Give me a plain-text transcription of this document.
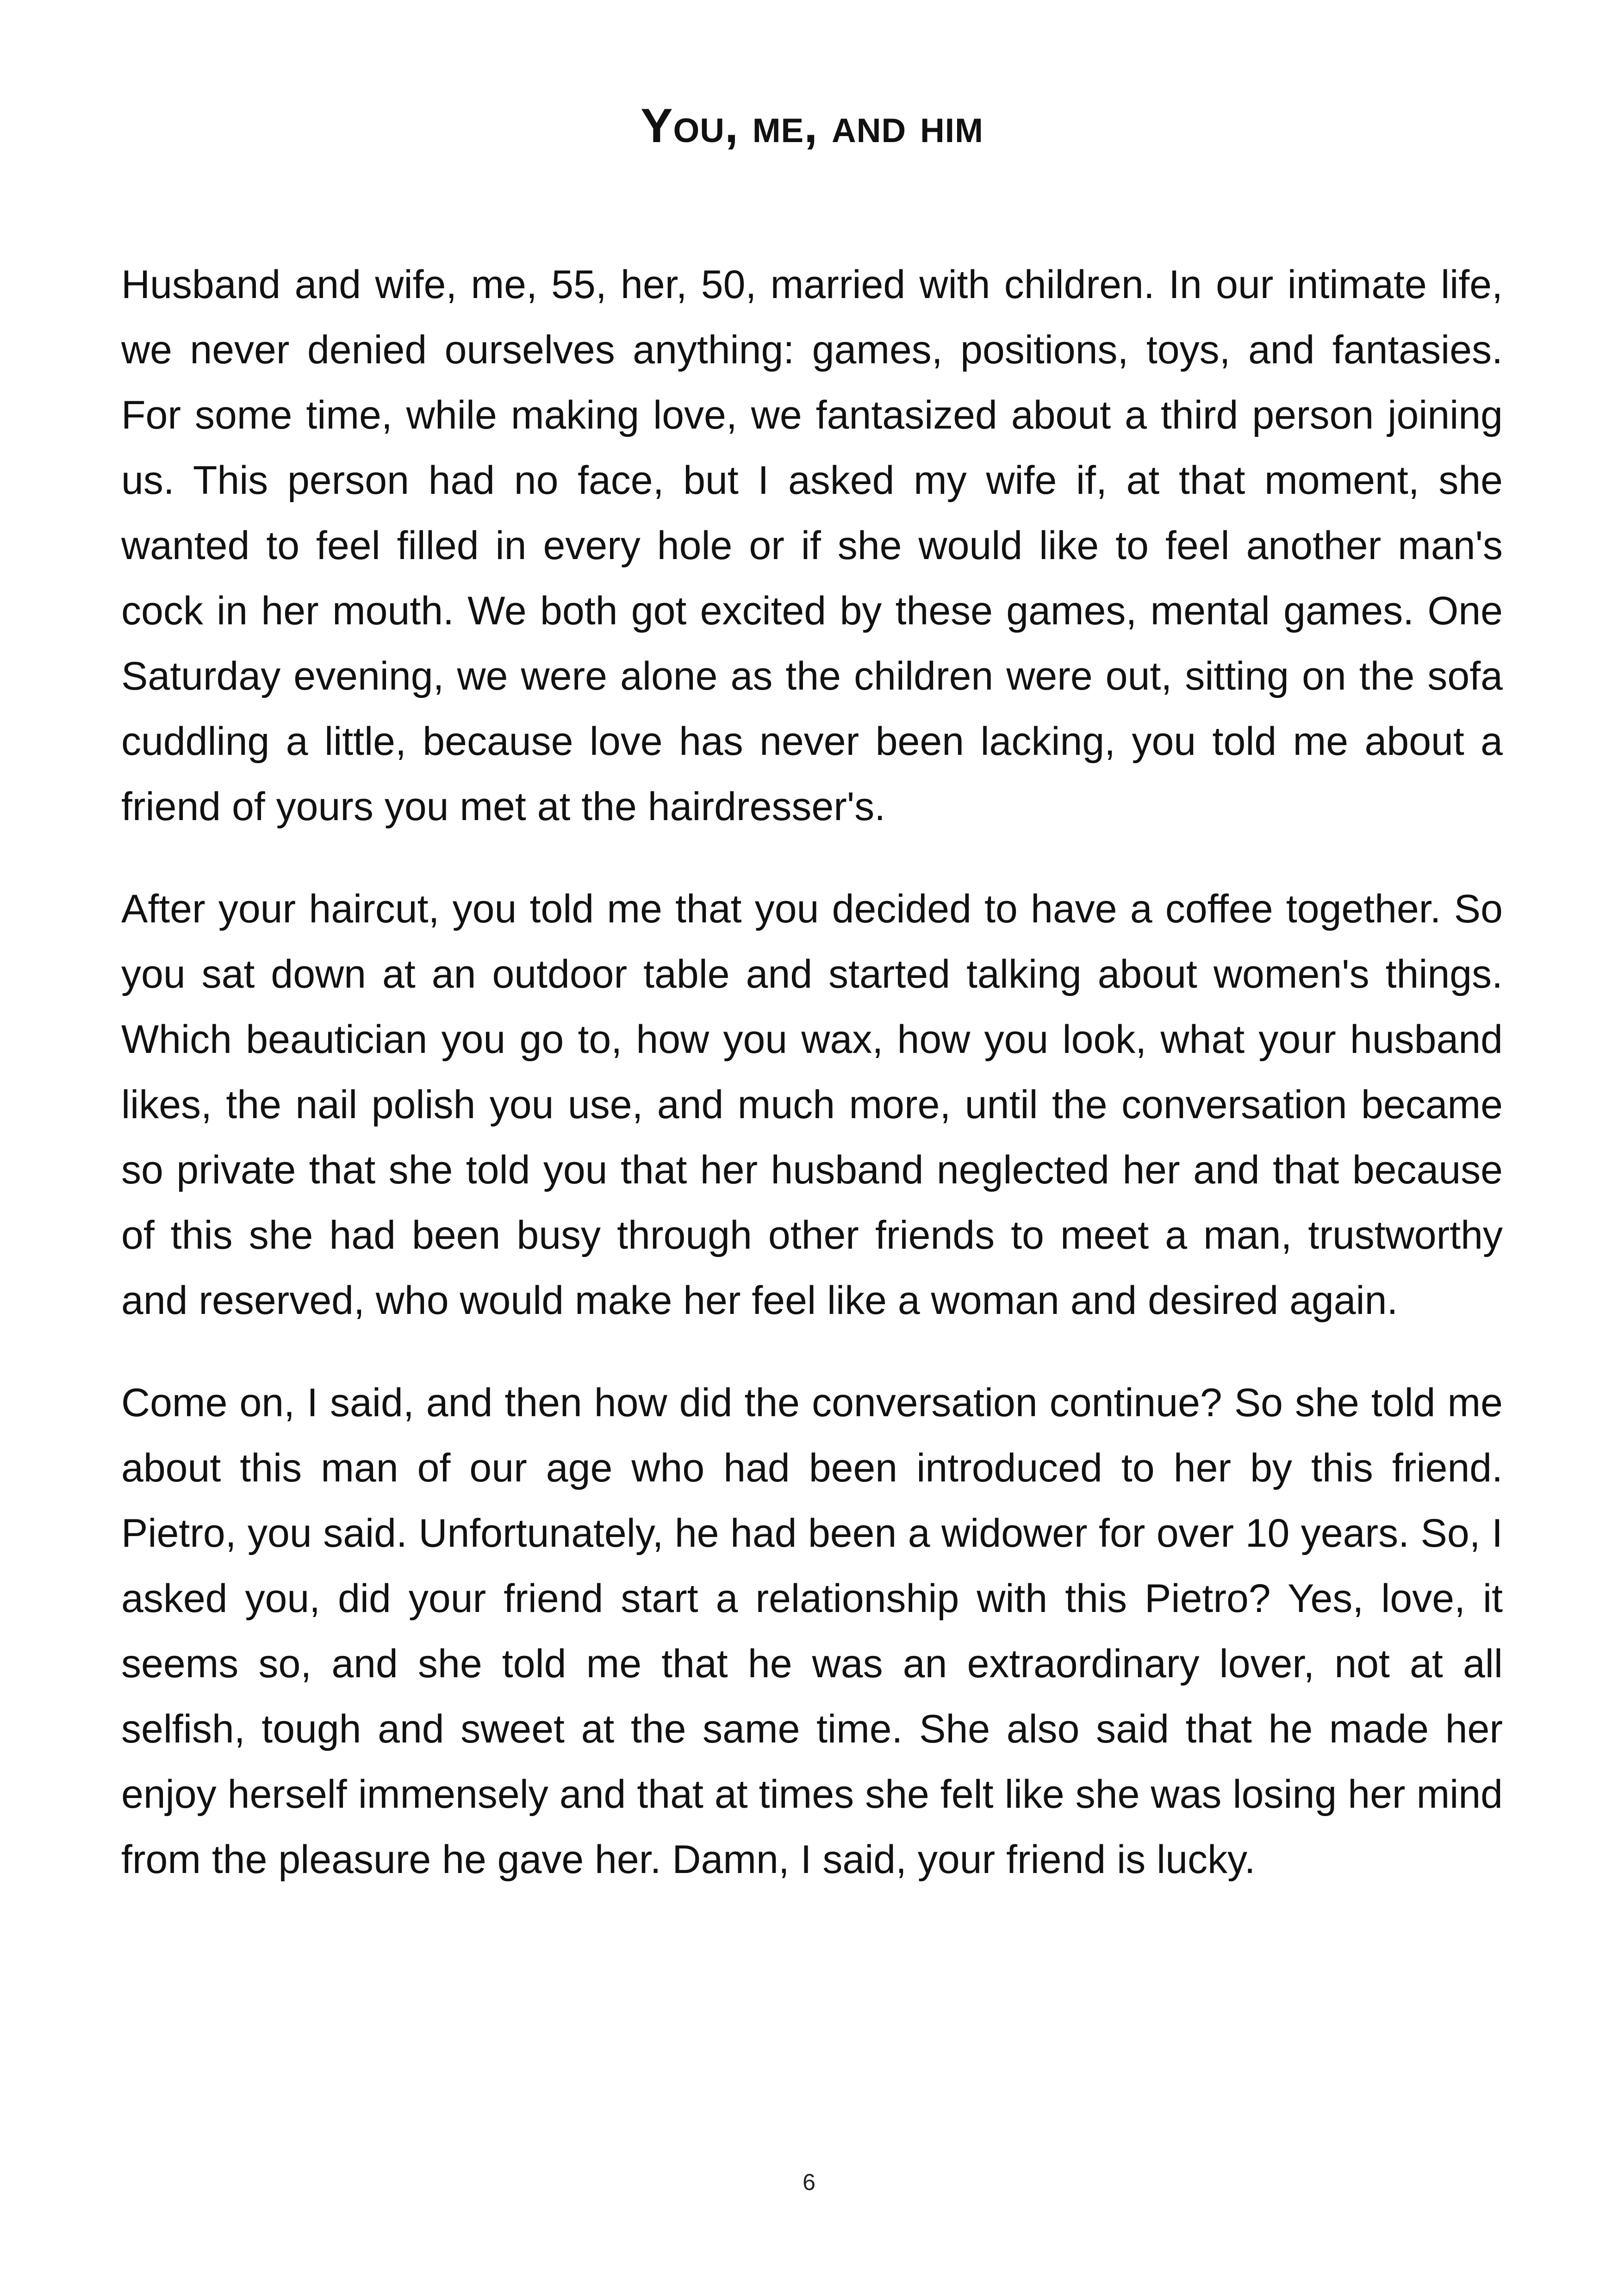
You, me, and him

Husband and wife, me, 55, her, 50, married with children. In our intimate life, we never denied ourselves anything: games, positions, toys, and fantasies. For some time, while making love, we fantasized about a third person joining us. This person had no face, but I asked my wife if, at that moment, she wanted to feel filled in every hole or if she would like to feel another man's cock in her mouth. We both got excited by these games, mental games. One Saturday evening, we were alone as the children were out, sitting on the sofa cuddling a little, because love has never been lacking, you told me about a friend of yours you met at the hairdresser's.

After your haircut, you told me that you decided to have a coffee together. So you sat down at an outdoor table and started talking about women's things. Which beautician you go to, how you wax, how you look, what your husband likes, the nail polish you use, and much more, until the conversation became so private that she told you that her husband neglected her and that because of this she had been busy through other friends to meet a man, trustworthy and reserved, who would make her feel like a woman and desired again.

Come on, I said, and then how did the conversation continue? So she told me about this man of our age who had been introduced to her by this friend. Pietro, you said. Unfortunately, he had been a widower for over 10 years. So, I asked you, did your friend start a relationship with this Pietro? Yes, love, it seems so, and she told me that he was an extraordinary lover, not at all selfish, tough and sweet at the same time. She also said that he made her enjoy herself immensely and that at times she felt like she was losing her mind from the pleasure he gave her. Damn, I said, your friend is lucky.

6
